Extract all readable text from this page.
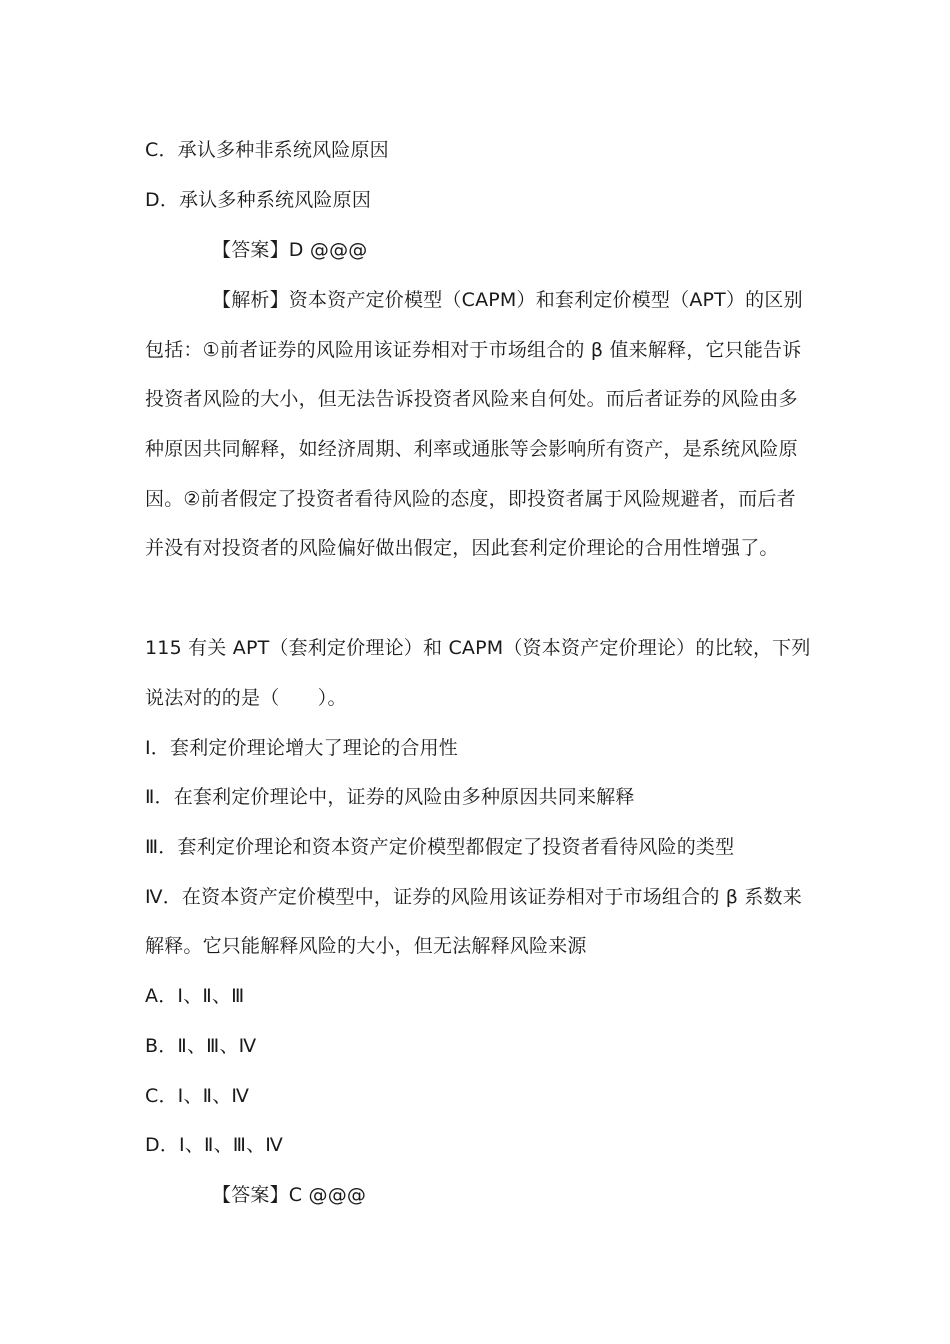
C．承认多种非系统风险原因
D．承认多种系统风险原因
【答案】D @@@
【解析】资本资产定价模型（CAPM）和套利定价模型（APT）的区别
包括：①前者证券的风险用该证券相对于市场组合的 β 值来解释，它只能告诉
投资者风险的大小，但无法告诉投资者风险来自何处。而后者证券的风险由多
种原因共同解释，如经济周期、利率或通胀等会影响所有资产，是系统风险原
因。②前者假定了投资者看待风险的态度，即投资者属于风险规避者，而后者
并没有对投资者的风险偏好做出假定，因此套利定价理论的合用性增强了。
115 有关 APT（套利定价理论）和 CAPM（资本资产定价理论）的比较，下列
说法对的的是（　　）。
Ⅰ．套利定价理论增大了理论的合用性
Ⅱ．在套利定价理论中，证券的风险由多种原因共同来解释
Ⅲ．套利定价理论和资本资产定价模型都假定了投资者看待风险的类型
Ⅳ．在资本资产定价模型中，证券的风险用该证券相对于市场组合的 β 系数来
解释。它只能解释风险的大小，但无法解释风险来源
A．Ⅰ、Ⅱ、Ⅲ
B．Ⅱ、Ⅲ、Ⅳ
C．Ⅰ、Ⅱ、Ⅳ
D．Ⅰ、Ⅱ、Ⅲ、Ⅳ
【答案】C @@@
